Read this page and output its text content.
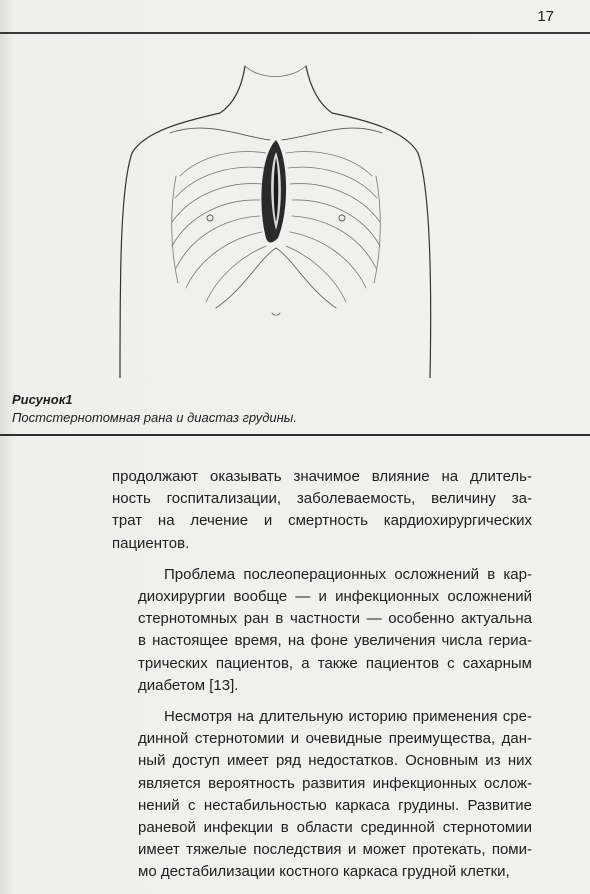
17
Рисунок1
Постстернотомная рана и диастаз грудины.

продолжают оказывать значимое влияние на длитель-
ность госпитализации, заболеваемость, величину за-
трат на лечение и смертность кардиохирургических
пациентов.

Проблема послеоперационных осложнений в кар-
диохирургии вообще — и инфекционных осложнений
стернотомных ран в частности — особенно актуальна
в настоящее время, на фоне увеличения числа гериа-
трических пациентов, а также пациентов с сахарным
диабетом [13].

Несмотря на длительную историю применения сре-
динной стернотомии и очевидные преимущества, дан-
ный доступ имеет ряд недостатков. Основным из них
является вероятность развития инфекционных ослож-
нений с нестабильностью каркаса грудины. Развитие
раневой инфекции в области срединной стернотомии
имеет тяжелые последствия и может протекать, поми-
мо дестабилизации костного каркаса грудной клетки,
